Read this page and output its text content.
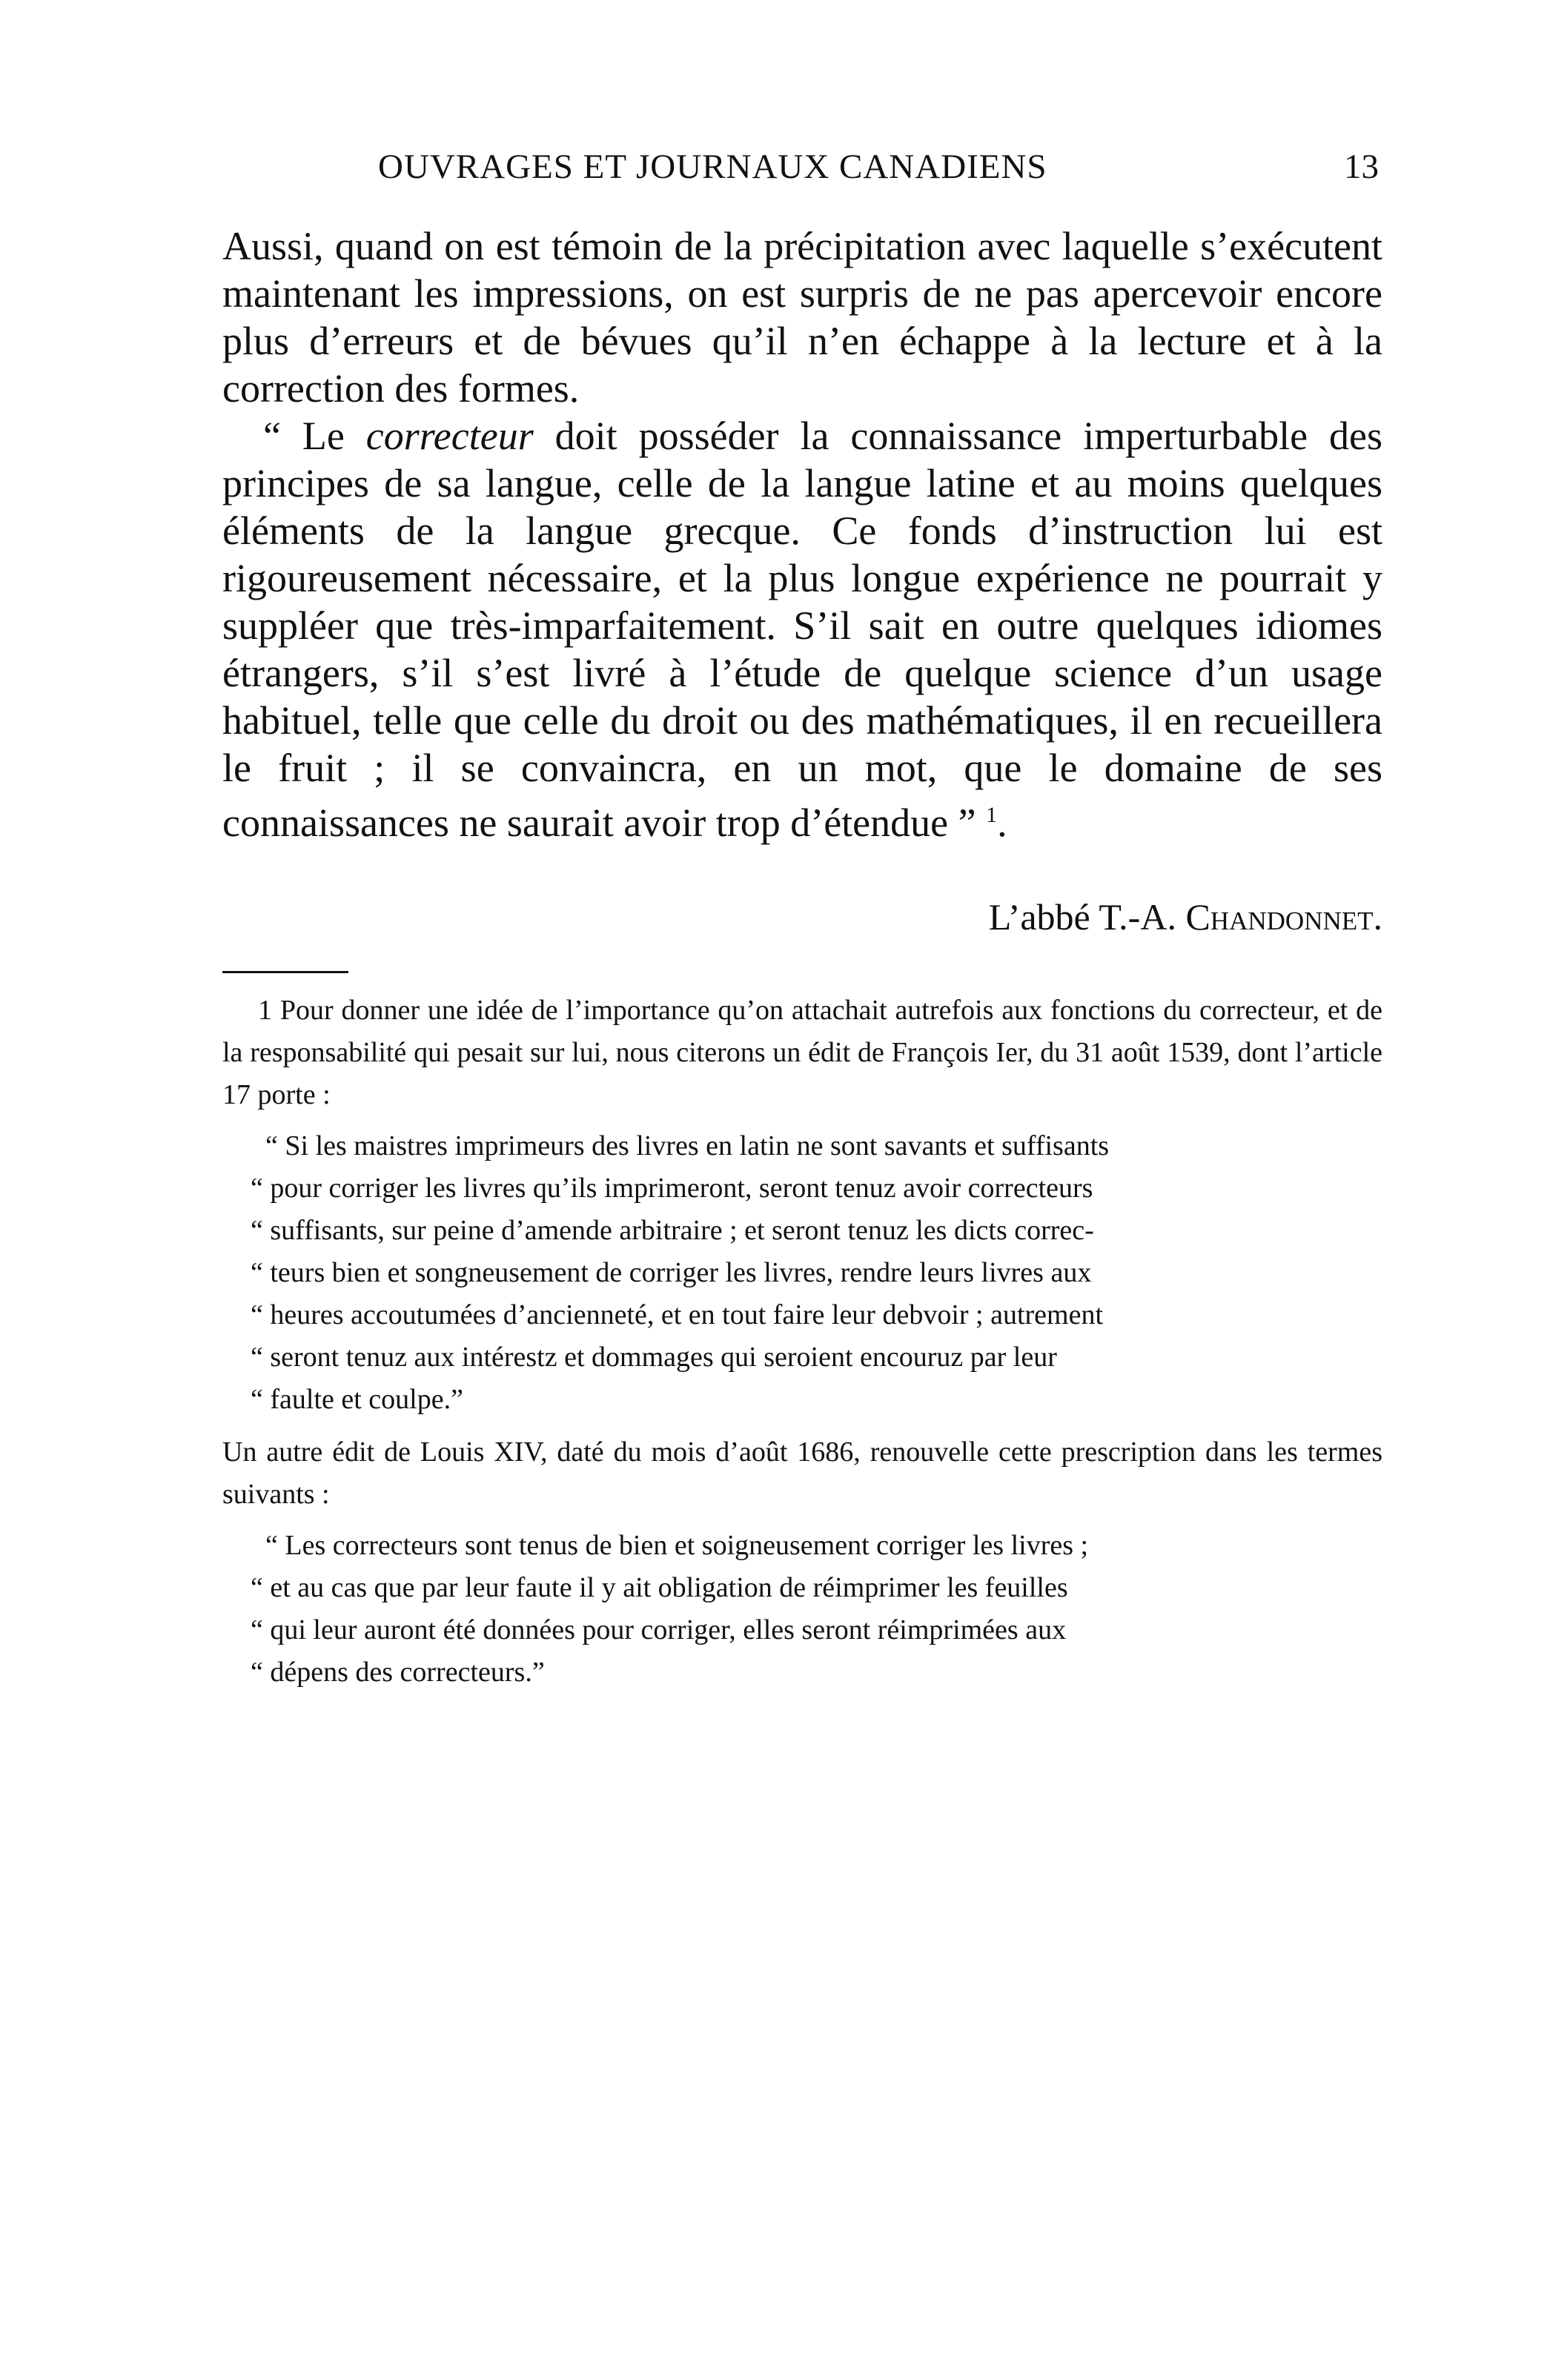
OUVRAGES ET JOURNAUX CANADIENS	13

Aussi, quand on est témoin de la précipitation avec laquelle s’exécutent maintenant les impressions, on est surpris de ne pas apercevoir encore plus d’erreurs et de bévues qu’il n’en échappe à la lecture et à la correction des formes.

“ Le correcteur doit posséder la connaissance imperturbable des principes de sa langue, celle de la langue latine et au moins quelques éléments de la langue grecque. Ce fonds d’instruction lui est rigoureusement nécessaire, et la plus longue expérience ne pourrait y suppléer que très-imparfaitement. S’il sait en outre quelques idiomes étrangers, s’il s’est livré à l’étude de quelque science d’un usage habituel, telle que celle du droit ou des mathématiques, il en recueillera le fruit ; il se convaincra, en un mot, que le domaine de ses connaissances ne saurait avoir trop d’étendue ” $^1$.

L’abbé T.-A. Chandonnet.

1 Pour donner une idée de l’importance qu’on attachait autrefois aux fonctions du correcteur, et de la responsabilité qui pesait sur lui, nous citerons un édit de François Ier, du 31 août 1539, dont l’article 17 porte :

“ Si les maistres imprimeurs des livres en latin ne sont savants et suffisants
“ pour corriger les livres qu’ils imprimeront, seront tenuz avoir correcteurs
“ suffisants, sur peine d’amende arbitraire ; et seront tenuz les dicts correc-
“ teurs bien et songneusement de corriger les livres, rendre leurs livres aux
“ heures accoutumées d’ancienneté, et en tout faire leur debvoir ; autrement
“ seront tenuz aux intérestz et dommages qui seroient encouruz par leur
“ faulte et coulpe.”

Un autre édit de Louis XIV, daté du mois d’août 1686, renouvelle cette prescription dans les termes suivants :

“ Les correcteurs sont tenus de bien et soigneusement corriger les livres ;
“ et au cas que par leur faute il y ait obligation de réimprimer les feuilles
“ qui leur auront été données pour corriger, elles seront réimprimées aux
“ dépens des correcteurs.”
